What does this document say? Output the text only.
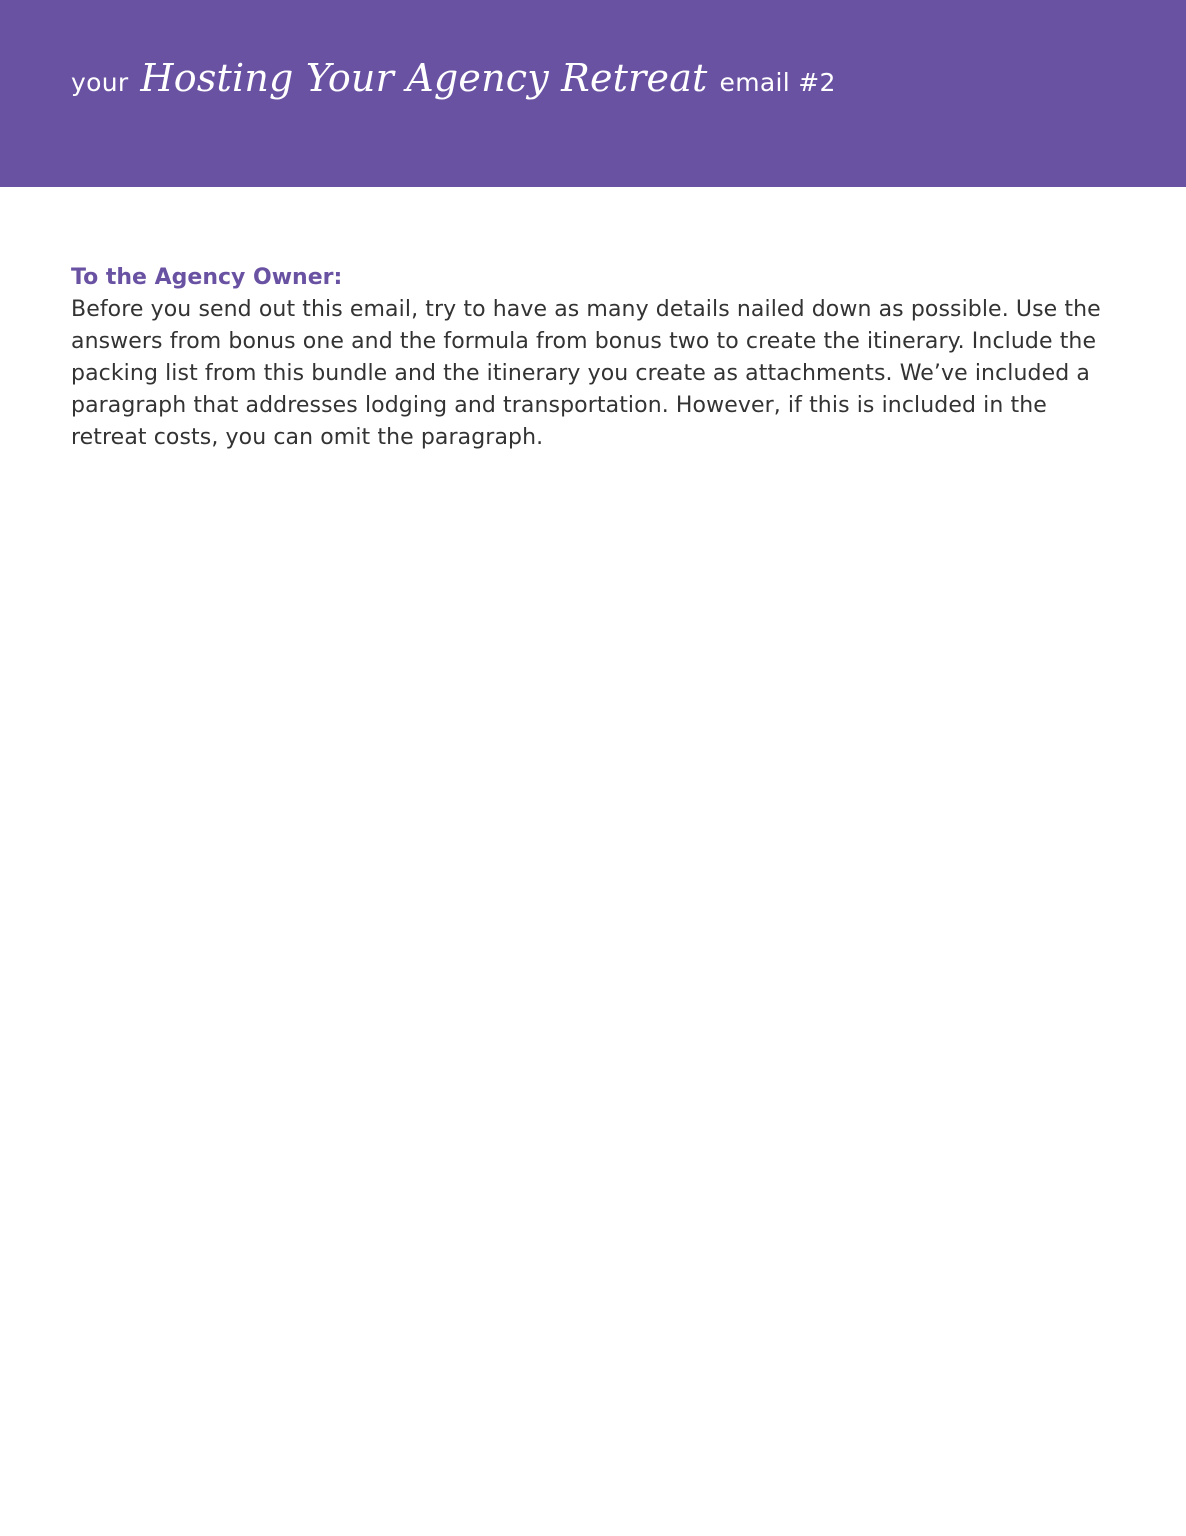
your Hosting Your Agency Retreat email #2

To the Agency Owner:

Before you send out this email, try to have as many details nailed down as possible. Use the answers from bonus one and the formula from bonus two to create the itinerary. Include the packing list from this bundle and the itinerary you create as attachments. We’ve included a paragraph that addresses lodging and transportation. However, if this is included in the retreat costs, you can omit the paragraph.
